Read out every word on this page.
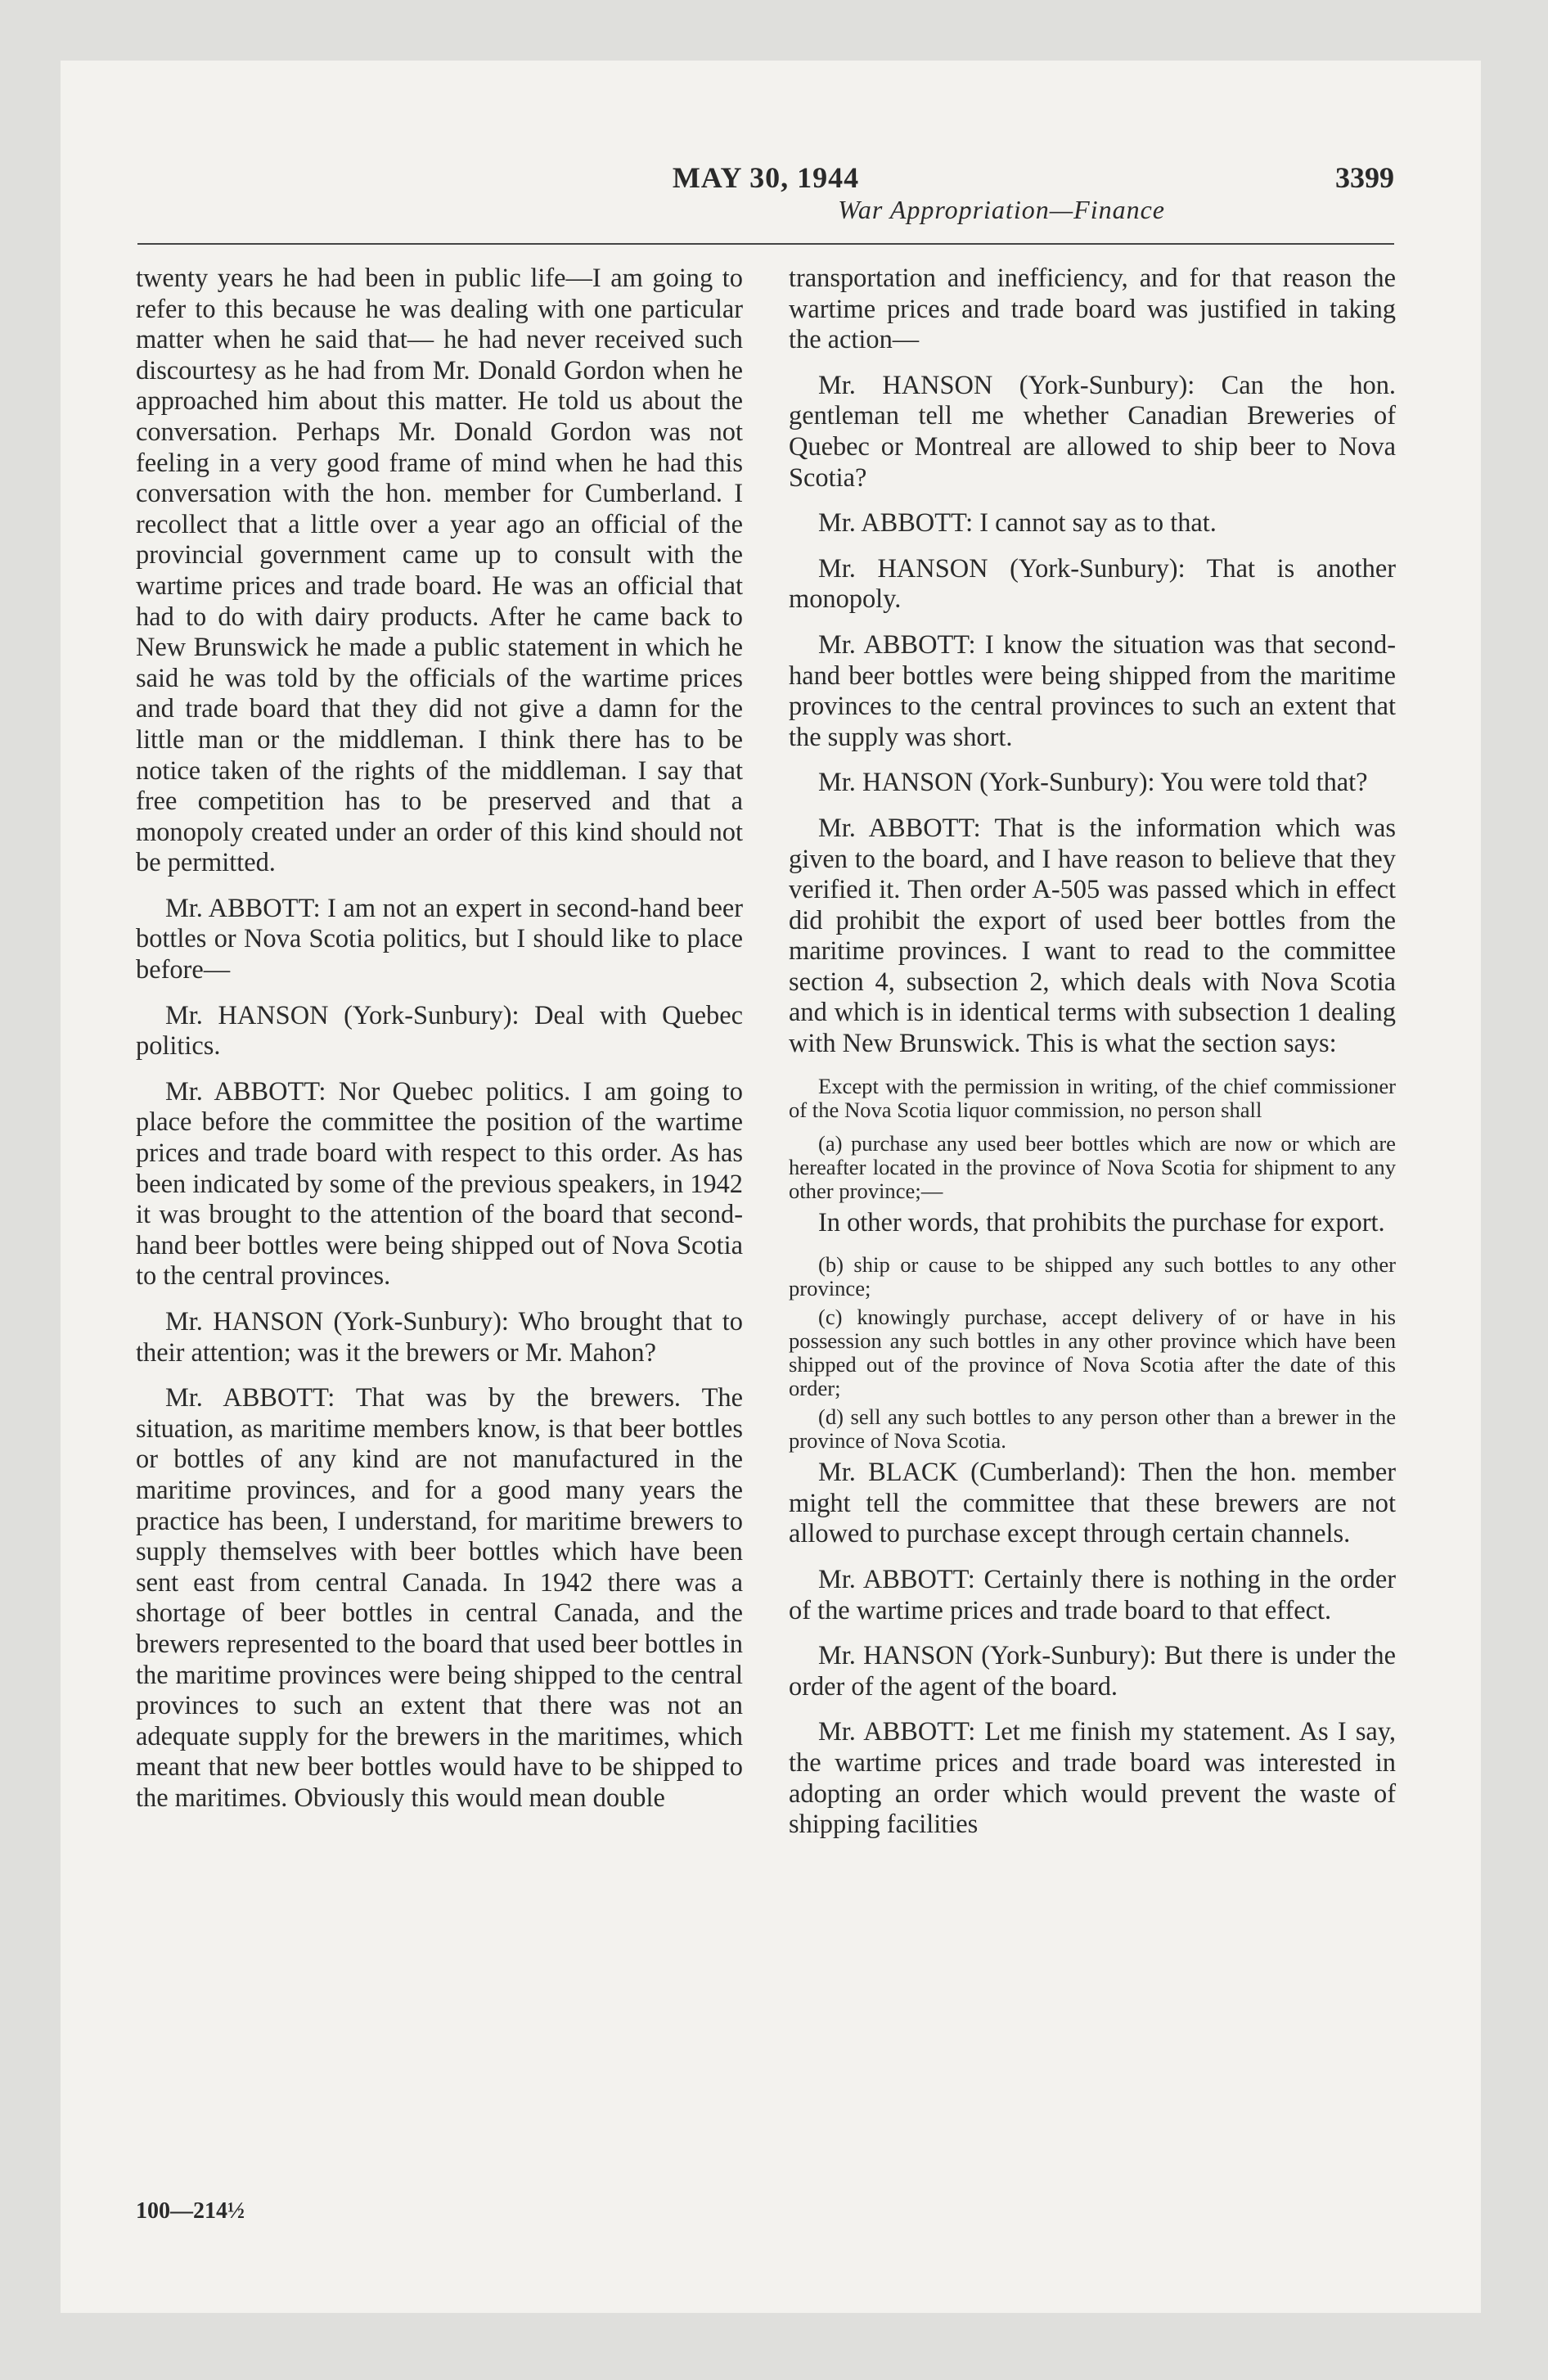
MAY 30, 1944
War Appropriation—Finance
3399

twenty years he had been in public life—I am going to refer to this because he was dealing with one particular matter when he said that— he had never received such discourtesy as he had from Mr. Donald Gordon when he approached him about this matter. He told us about the conversation. Perhaps Mr. Donald Gordon was not feeling in a very good frame of mind when he had this conversation with the hon. member for Cumberland. I recollect that a little over a year ago an official of the provincial government came up to consult with the wartime prices and trade board. He was an official that had to do with dairy products. After he came back to New Brunswick he made a public statement in which he said he was told by the officials of the wartime prices and trade board that they did not give a damn for the little man or the middleman. I think there has to be notice taken of the rights of the middleman. I say that free competition has to be preserved and that a monopoly created under an order of this kind should not be permitted.

Mr. ABBOTT: I am not an expert in second-hand beer bottles or Nova Scotia politics, but I should like to place before—

Mr. HANSON (York-Sunbury): Deal with Quebec politics.

Mr. ABBOTT: Nor Quebec politics. I am going to place before the committee the position of the wartime prices and trade board with respect to this order. As has been indicated by some of the previous speakers, in 1942 it was brought to the attention of the board that second-hand beer bottles were being shipped out of Nova Scotia to the central provinces.

Mr. HANSON (York-Sunbury): Who brought that to their attention; was it the brewers or Mr. Mahon?

Mr. ABBOTT: That was by the brewers. The situation, as maritime members know, is that beer bottles or bottles of any kind are not manufactured in the maritime provinces, and for a good many years the practice has been, I understand, for maritime brewers to supply themselves with beer bottles which have been sent east from central Canada. In 1942 there was a shortage of beer bottles in central Canada, and the brewers represented to the board that used beer bottles in the maritime provinces were being shipped to the central provinces to such an extent that there was not an adequate supply for the brewers in the maritimes, which meant that new beer bottles would have to be shipped to the maritimes. Obviously this would mean double

transportation and inefficiency, and for that reason the wartime prices and trade board was justified in taking the action—

Mr. HANSON (York-Sunbury): Can the hon. gentleman tell me whether Canadian Breweries of Quebec or Montreal are allowed to ship beer to Nova Scotia?

Mr. ABBOTT: I cannot say as to that.

Mr. HANSON (York-Sunbury): That is another monopoly.

Mr. ABBOTT: I know the situation was that second-hand beer bottles were being shipped from the maritime provinces to the central provinces to such an extent that the supply was short.

Mr. HANSON (York-Sunbury): You were told that?

Mr. ABBOTT: That is the information which was given to the board, and I have reason to believe that they verified it. Then order A-505 was passed which in effect did prohibit the export of used beer bottles from the maritime provinces. I want to read to the committee section 4, subsection 2, which deals with Nova Scotia and which is in identical terms with subsection 1 dealing with New Brunswick. This is what the section says:

Except with the permission in writing, of the chief commissioner of the Nova Scotia liquor commission, no person shall

(a) purchase any used beer bottles which are now or which are hereafter located in the province of Nova Scotia for shipment to any other province;—

In other words, that prohibits the purchase for export.

(b) ship or cause to be shipped any such bottles to any other province;

(c) knowingly purchase, accept delivery of or have in his possession any such bottles in any other province which have been shipped out of the province of Nova Scotia after the date of this order;

(d) sell any such bottles to any person other than a brewer in the province of Nova Scotia.

Mr. BLACK (Cumberland): Then the hon. member might tell the committee that these brewers are not allowed to purchase except through certain channels.

Mr. ABBOTT: Certainly there is nothing in the order of the wartime prices and trade board to that effect.

Mr. HANSON (York-Sunbury): But there is under the order of the agent of the board.

Mr. ABBOTT: Let me finish my statement. As I say, the wartime prices and trade board was interested in adopting an order which would prevent the waste of shipping facilities

100—214½
